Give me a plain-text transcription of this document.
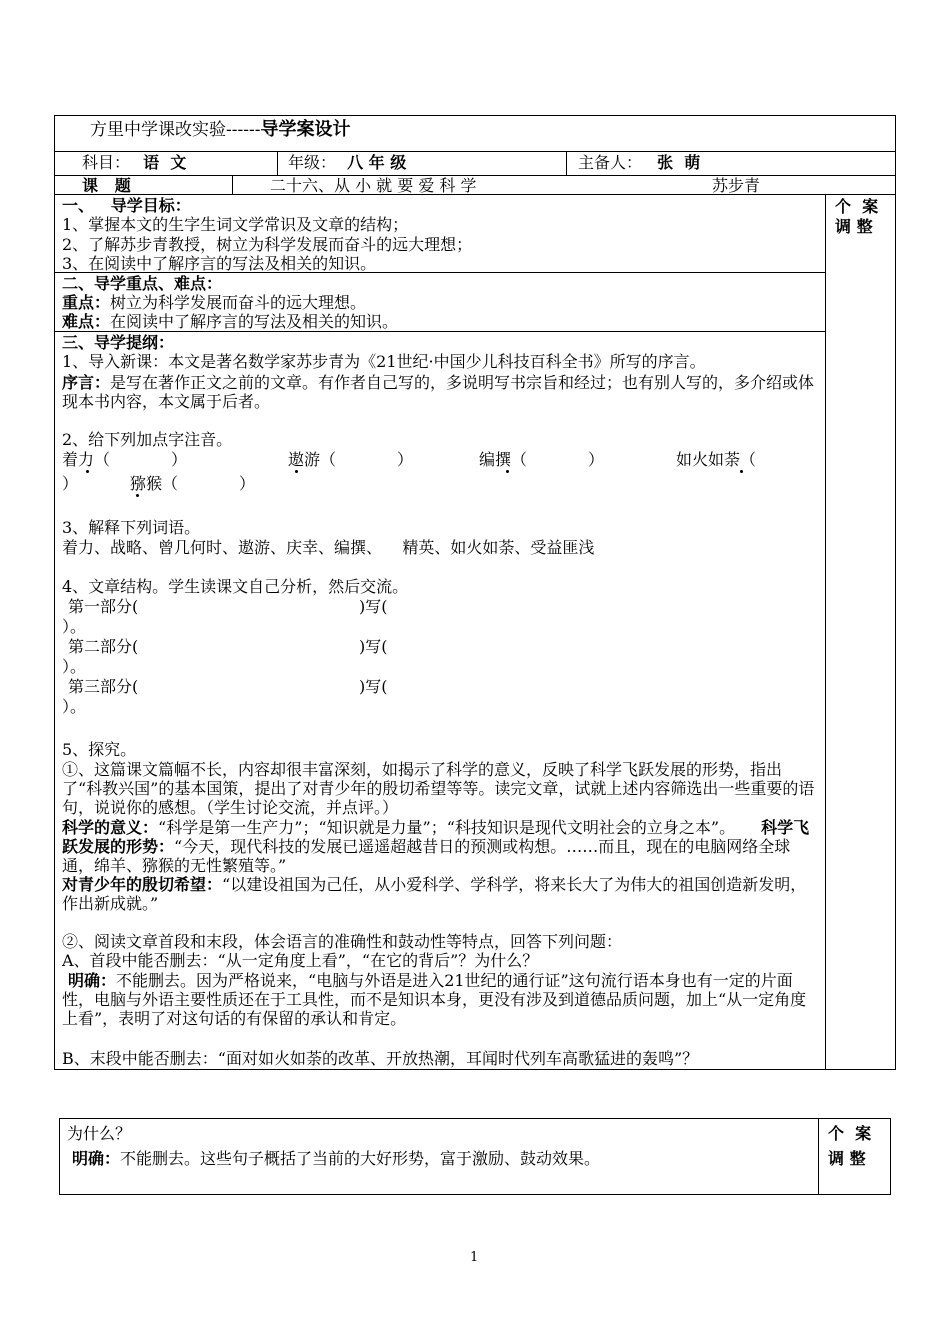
方里中学课改实验------导学案设计
科目： 语  文	年级： 八 年 级	主备人： 张  萌
课   题	二十六、从 小 就 要 爱 科 学	苏步青
个  案
调 整
一、   导学目标：
1、掌握本文的生字生词文学常识及文章的结构；
2、了解苏步青教授，树立为科学发展而奋斗的远大理想；
3、在阅读中了解序言的写法及相关的知识。
二、导学重点、难点：
重点：树立为科学发展而奋斗的远大理想。
难点：在阅读中了解序言的写法及相关的知识。
三、导学提纲：
1、导入新课：本文是著名数学家苏步青为《21世纪·中国少儿科技百科全书》所写的序言。
序言：是写在著作正文之前的文章。有作者自己写的，多说明写书宗旨和经过；也有别人写的，多介绍或体现本书内容，本文属于后者。
2、给下列加点字注音。
着力（            ）	遨游（            ）	编撰（            ）	如火如荼（
）	猕猴（            ）
3、解释下列词语。
着力、战略、曾几何时、遨游、庆幸、编撰、    精英、如火如荼、受益匪浅
4、文章结构。学生读课文自己分析，然后交流。
第一部分(	)写(
）。
第二部分(	)写(
）。
第三部分(	)写(
）。
5、探究。
①、这篇课文篇幅不长，内容却很丰富深刻，如揭示了科学的意义，反映了科学飞跃发展的形势，指出了“科教兴国”的基本国策，提出了对青少年的殷切希望等等。读完文章，试就上述内容筛选出一些重要的语句，说说你的感想。（学生讨论交流，并点评。）
科学的意义：“科学是第一生产力”；“知识就是力量”；“科技知识是现代文明社会的立身之本”。 科学飞跃发展的形势：“今天，现代科技的发展已遥遥超越昔日的预测或构想。……而且，现在的电脑网络全球通，绵羊、猕猴的无性繁殖等。”
对青少年的殷切希望：“以建设祖国为己任，从小爱科学、学科学，将来长大了为伟大的祖国创造新发明，作出新成就。”
②、阅读文章首段和末段，体会语言的准确性和鼓动性等特点，回答下列问题：
A、首段中能否删去：“从一定角度上看”，“在它的背后”？为什么？
明确：不能删去。因为严格说来，“电脑与外语是进入21世纪的通行证”这句流行语本身也有一定的片面性，电脑与外语主要性质还在于工具性，而不是知识本身，更没有涉及到道德品质问题，加上“从一定角度上看”，表明了对这句话的有保留的承认和肯定。
B、末段中能否删去：“面对如火如荼的改革、开放热潮，耳闻时代列车高歌猛进的轰鸣”？
为什么？
明确：不能删去。这些句子概括了当前的大好形势，富于激励、鼓动效果。
个  案
调 整
1
